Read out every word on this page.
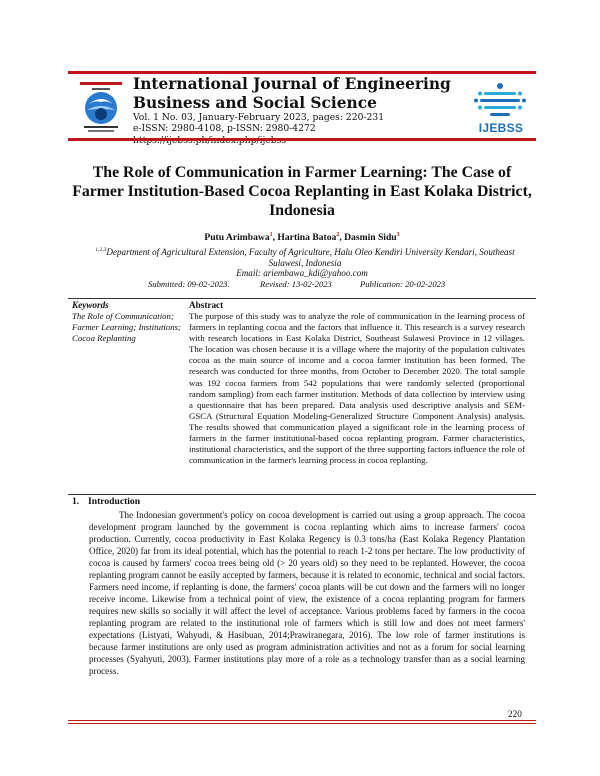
International Journal of Engineering Business and Social Science
Vol. 1 No. 03, January-February 2023, pages: 220-231
e-ISSN: 2980-4108, p-ISSN: 2980-4272	IJEBSS
The Role of Communication in Farmer Learning: The Case of Farmer Institution-Based Cocoa Replanting in East Kolaka District, Indonesia
Putu Arimbawa$^1$, Hartina Batoa$^2$, Dasmin Sidu$^3$
$^{1,2,3}$Department of Agricultural Extension, Faculty of Agriculture, Halu Oleo Kendiri University Kendari, Southeast Sulawesi, Indonesia
Email: ariembawa_kdi@yahoo.com
Submitted: 09-02-2023.	Revised: 13-02-2023	Publication: 20-02-2023
Keywords
The Role of Communication; Farmer Learning; Institutions; Cocoa Replanting
Abstract
The purpose of this study was to analyze the role of communication in the learning process of farmers in replanting cocoa and the factors that influence it. This research is a survey research with research locations in East Kolaka District, Southeast Sulawesi Province in 12 villages. The location was chosen because it is a village where the majority of the population cultivates cocoa as the main source of income and a cocoa farmer institution has been formed. The research was conducted for three months, from October to December 2020. The total sample was 192 cocoa farmers from 542 populations that were randomly selected (proportional random sampling) from each farmer institution. Methods of data collection by interview using a questionnaire that has been prepared. Data analysis used descriptive analysis and SEM-GSCA (Structural Equation Modeling-Generalized Structure Component Analysis) analysis. The results showed that communication played a significant role in the learning process of farmers in the farmer institutional-based cocoa replanting program. Farmer characteristics, institutional characteristics, and the support of the three supporting factors influence the role of communication in the farmer's learning process in cocoa replanting.
1. Introduction
The Indonesian government's policy on cocoa development is carried out using a group approach. The cocoa development program launched by the government is cocoa replanting which aims to increase farmers' cocoa production. Currently, cocoa productivity in East Kolaka Regency is 0.3 tons/ha (East Kolaka Regency Plantation Office, 2020) far from its ideal potential, which has the potential to reach 1-2 tons per hectare. The low productivity of cocoa is caused by farmers' cocoa trees being old (> 20 years old) so they need to be replanted. However, the cocoa replanting program cannot be easily accepted by farmers, because it is related to economic, technical and social factors. Farmers need income, if replanting is done, the farmers' cocoa plants will be cut down and the farmers will no longer receive income. Likewise from a technical point of view, the existence of a cocoa replanting program for farmers requires new skills so socially it will affect the level of acceptance. Various problems faced by farmers in the cocoa replanting program are related to the institutional role of farmers which is still low and does not meet farmers' expectations (Listyati, Wahyudi, & Hasibuan, 2014;Prawiranegara, 2016). The low role of farmer institutions is because farmer institutions are only used as program administration activities and not as a forum for social learning processes (Syahyuti, 2003). Farmer institutions play more of a role as a technology transfer than as a social learning process.
220
